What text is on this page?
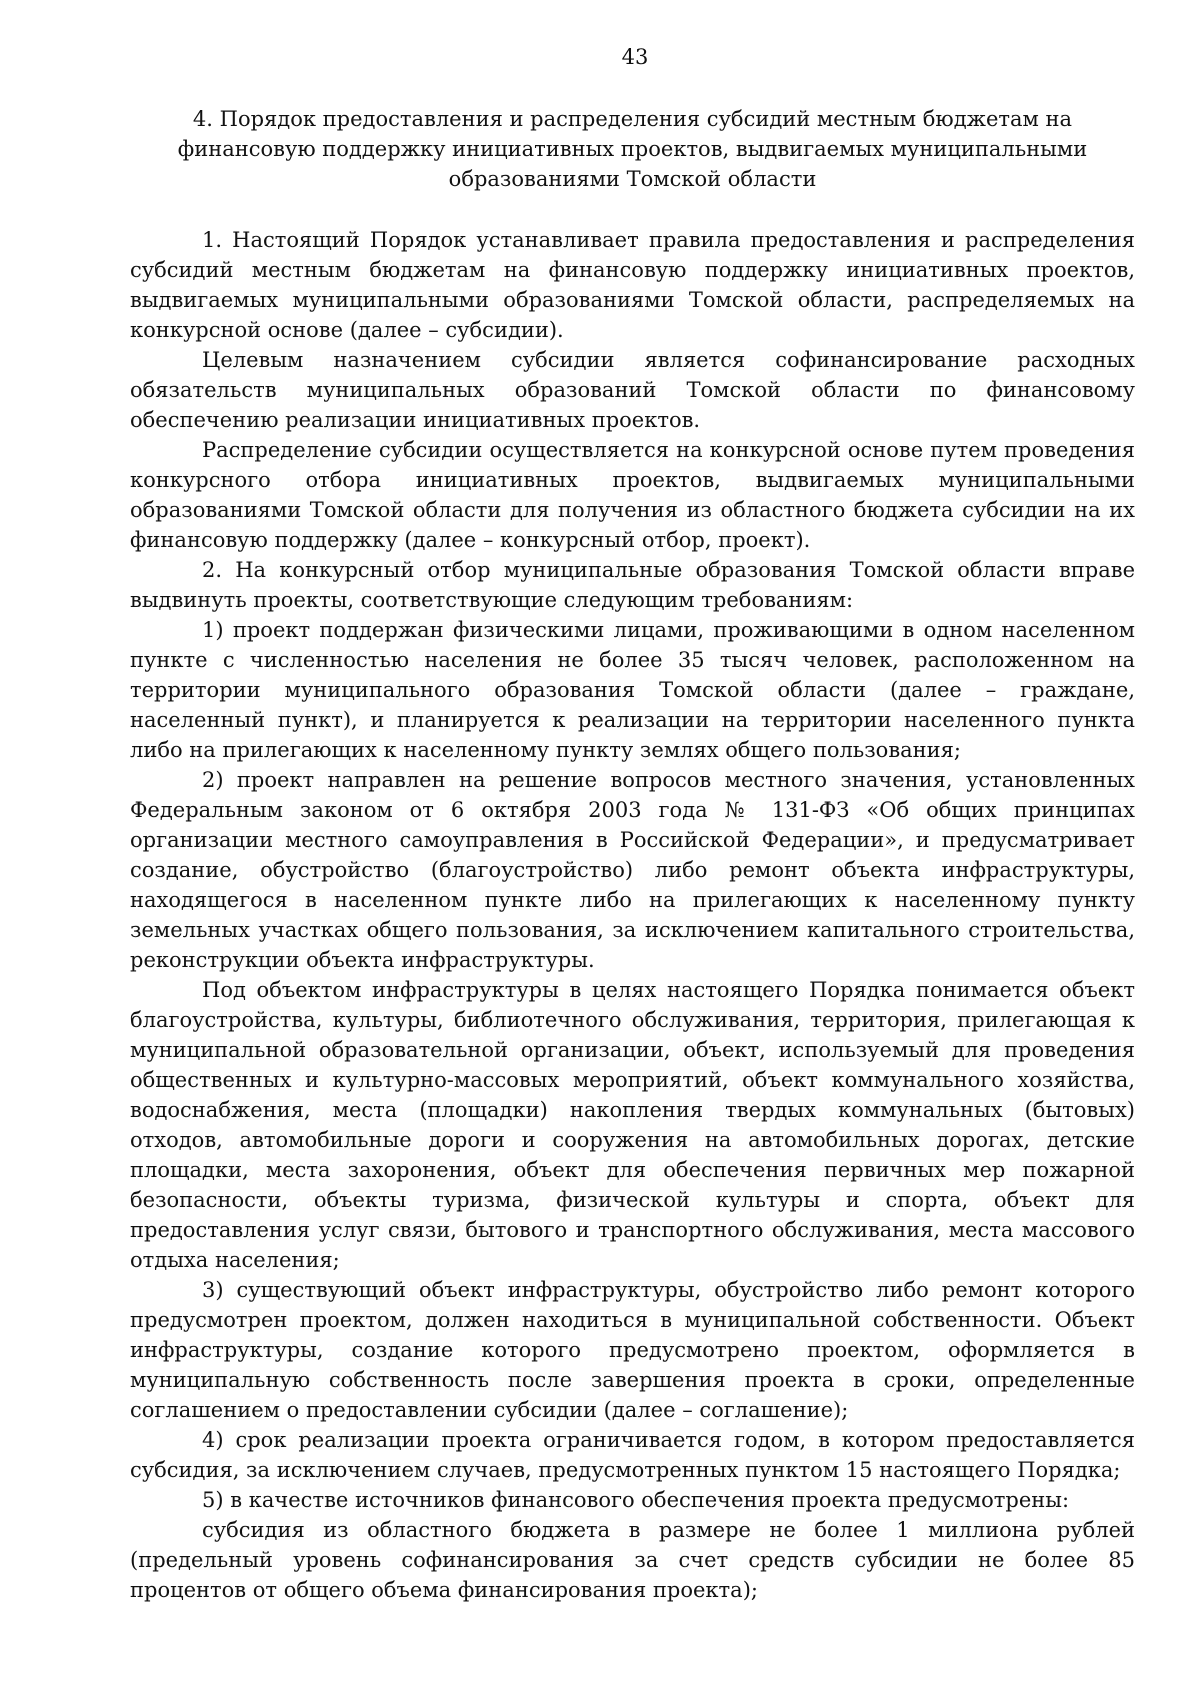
43
4. Порядок предоставления и распределения субсидий местным бюджетам на финансовую поддержку инициативных проектов, выдвигаемых муниципальными образованиями Томской области

1. Настоящий Порядок устанавливает правила предоставления и распределения субсидий местным бюджетам на финансовую поддержку инициативных проектов, выдвигаемых муниципальными образованиями Томской области, распределяемых на конкурсной основе (далее – субсидии).

Целевым назначением субсидии является софинансирование расходных обязательств муниципальных образований Томской области по финансовому обеспечению реализации инициативных проектов.

Распределение субсидии осуществляется на конкурсной основе путем проведения конкурсного отбора инициативных проектов, выдвигаемых муниципальными образованиями Томской области для получения из областного бюджета субсидии на их финансовую поддержку (далее – конкурсный отбор, проект).

2. На конкурсный отбор муниципальные образования Томской области вправе выдвинуть проекты, соответствующие следующим требованиям:

1) проект поддержан физическими лицами, проживающими в одном населенном пункте с численностью населения не более 35 тысяч человек, расположенном на территории муниципального образования Томской области (далее – граждане, населенный пункт), и планируется к реализации на территории населенного пункта либо на прилегающих к населенному пункту землях общего пользования;

2) проект направлен на решение вопросов местного значения, установленных Федеральным законом от 6 октября 2003 года № 131-ФЗ «Об общих принципах организации местного самоуправления в Российской Федерации», и предусматривает создание, обустройство (благоустройство) либо ремонт объекта инфраструктуры, находящегося в населенном пункте либо на прилегающих к населенному пункту земельных участках общего пользования, за исключением капитального строительства, реконструкции объекта инфраструктуры.

Под объектом инфраструктуры в целях настоящего Порядка понимается объект благоустройства, культуры, библиотечного обслуживания, территория, прилегающая к муниципальной образовательной организации, объект, используемый для проведения общественных и культурно-массовых мероприятий, объект коммунального хозяйства, водоснабжения, места (площадки) накопления твердых коммунальных (бытовых) отходов, автомобильные дороги и сооружения на автомобильных дорогах, детские площадки, места захоронения, объект для обеспечения первичных мер пожарной безопасности, объекты туризма, физической культуры и спорта, объект для предоставления услуг связи, бытового и транспортного обслуживания, места массового отдыха населения;

3) существующий объект инфраструктуры, обустройство либо ремонт которого предусмотрен проектом, должен находиться в муниципальной собственности. Объект инфраструктуры, создание которого предусмотрено проектом, оформляется в муниципальную собственность после завершения проекта в сроки, определенные соглашением о предоставлении субсидии (далее – соглашение);

4) срок реализации проекта ограничивается годом, в котором предоставляется субсидия, за исключением случаев, предусмотренных пунктом 15 настоящего Порядка;

5) в качестве источников финансового обеспечения проекта предусмотрены:

субсидия из областного бюджета в размере не более 1 миллиона рублей (предельный уровень софинансирования за счет средств субсидии не более 85 процентов от общего объема финансирования проекта);
